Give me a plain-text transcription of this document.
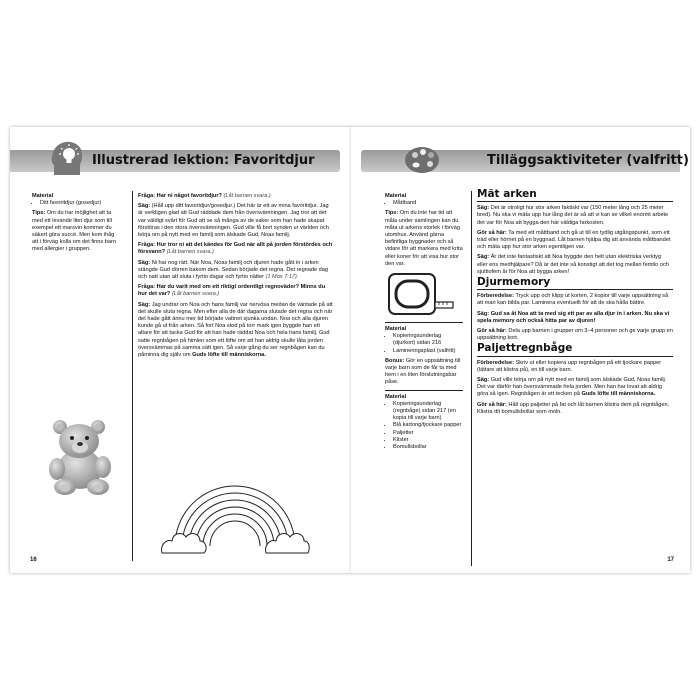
Illustrerad lektion: Favoritdjur
Material
• Ditt favoritdjur (gosedjur)

Tips: Om du har möjlighet att ta med ett levande litet djur som till exempel ett marsvin kommer du säkert göra succé. Men kom ihåg att i förväg kolla om det finns barn med allergier i gruppen.

Fråga: Har ni något favoritdjur? (Låt barnen svara.)

Säg: (Håll upp ditt favoritdjur/gosedjur.) Det här är ett av mina favoritdjur. Jag är verkligen glad att Gud räddade dem från översvämningen. Jag tror att det var väldigt svårt för Gud att se så många av de saker som han hade skapat förstöras i den stora översvämningen. Gud ville få bort synden ur världen och börja om på nytt med en familj som älskade Gud, Noas familj.

Fråga: Hur tror ni att det kändes för Gud när allt på jorden förstördes och försvann? (Låt barnen svara.)

Säg: Ni har nog rätt. När Noa, Noas familj och djuren hade gått in i arken stängde Gud dörren bakom dem. Sedan började det regna. Det regnade dag och natt utan att sluta i fyrtio dagar och fyrtio nätter (1 Mos 7:17).

Fråga: Har du varit med om ett riktigt ordentligt regnoväder? Minns du hur det var? (Låt barnen svara.)

Säg: Jag undrar om Noa och hans familj var nervösa medan de väntade på att det skulle sluta regna. Men efter alla de där dagarna slutade det regna och när det hade gått ännu mer tid började vattnet sjunka undan. Noa och alla djuren kunde gå ut från arken. Så fort Noa stod på torr mark igen byggde han ett altare för att tacka Gud för att han hade räddat Noa och hela hans familj. Gud satte regnbågen på himlen som ett löfte om att han aldrig skulle låta jorden översvämmas på samma sätt igen. Så varje gång du ser regnbågen kan du påminna dig själv om Guds löfte till människorna.

16
Tilläggsaktiviteter (valfritt)
Material
• Måttband

Tips: Om du inte har tid att måla under samlingen kan du måta ut arkens storlek i förväg utomhus. Använd gärna befintliga byggnader och så vidare för att markera med krita eller koner för att visa hur stor den var.

Material
• Kopieringsunderlag (djurkort) sidan 216
• Lamineringsplast (valfritt)

Bonus: Gör en uppsättning till varje barn som de får ta med hem i en liten förslutningsbar påse.

Material
• Kopieringsunderlag (regnbåge) sidan 217 (en kopia till varje barn)
• Blå kartong/tjockare papper
• Paljetter
• Klister
• Bomullsbollar
Mät arken

Säg: Det är otroligt hur stor arken faktiskt var (150 meter lång och 25 meter bred). Nu ska vi mäta upp hur lång det är så att vi kan se vilket enormt arbete det var för Noa att bygga den här väldiga farkosten.

Gör så här: Ta med ett måttband och gå ut till en tydlig utgångspunkt, som ett träd eller hörnet på en byggnad. Låt barnen hjälpa dig att använda måttbandet och mäta upp hur stor arken egentligen var.

Säg: Är det inte fantastiskt att Noa byggde den helt utan elektriska verktyg eller ens medhjälpare? Då är det inte så konstigt att det tog mellan femtio och sjuttiofem år för Noa att bygga arken!

Djurmemory

Förberedelse: Tryck upp och klipp ut korten, 2 kopior till varje uppsättning så att man kan bilda par. Laminera eventuellt för att de ska hålla bättre.

Säg: Gud sa åt Noa att ta med sig ett par av alla djur in i arken. Nu ska vi spela memory och också hitta par av djuren!

Gör så här: Dela upp barnen i grupper om 3–4 personer och ge varje grupp en uppsättning kort.

Paljettregnbåge

Förberedelse: Skriv ut eller kopiera upp regnbågen på ett tjockare papper (lättare att klistra på), en till varje barn.

Säg: Gud ville börja om på nytt med en familj som älskade Gud, Noas familj. Det var därför han översvämmade hela jorden. Men han har lovat att aldrig göra så igen. Regnbågen är ett tecken på Guds löfte till människorna.

Gör så här: Håll upp paljetter på fat och låt barnen klistra dem på regnbågen. Klistra dit bomullsbollar som moln.

17
